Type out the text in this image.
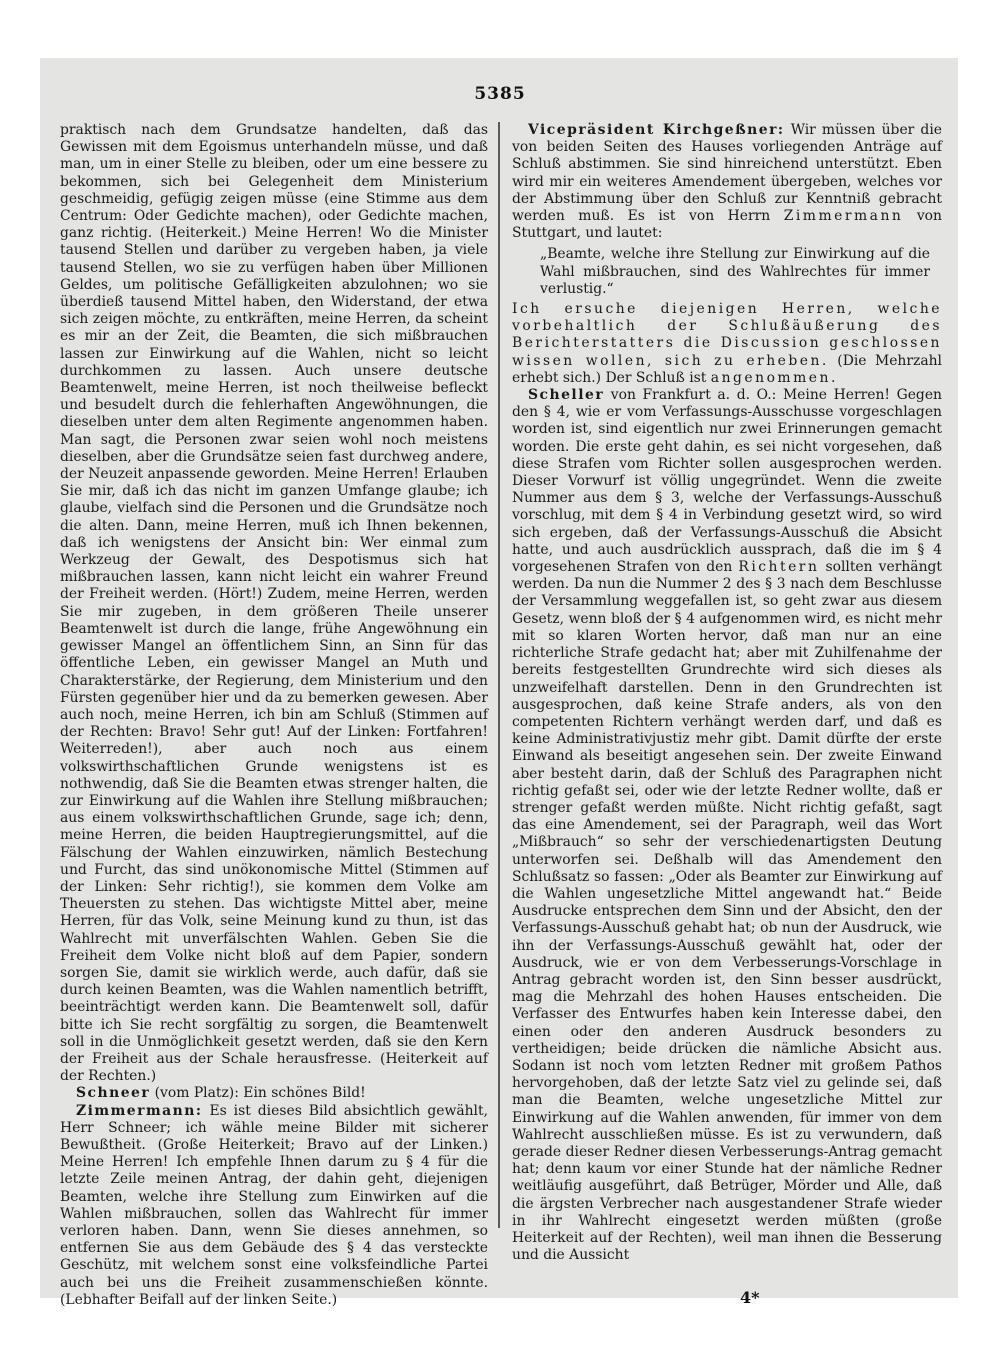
5385

praktisch nach dem Grundsatze handelten, daß das Gewissen mit dem Egoismus unterhandeln müsse, und daß man, um in einer Stelle zu bleiben, oder um eine bessere zu bekommen, sich bei Gelegenheit dem Ministerium geschmeidig, gefügig zeigen müsse (eine Stimme aus dem Centrum: Oder Gedichte machen), oder Gedichte machen, ganz richtig. (Heiterkeit.) Meine Herren! Wo die Minister tausend Stellen und darüber zu vergeben haben, ja viele tausend Stellen, wo sie zu verfügen haben über Millionen Geldes, um politische Gefälligkeiten abzulohnen; wo sie überdieß tausend Mittel haben, den Widerstand, der etwa sich zeigen möchte, zu entkräften, meine Herren, da scheint es mir an der Zeit, die Beamten, die sich mißbrauchen lassen zur Einwirkung auf die Wahlen, nicht so leicht durchkommen zu lassen. Auch unsere deutsche Beamtenwelt, meine Herren, ist noch theilweise befleckt und besudelt durch die fehlerhaften Angewöhnungen, die dieselben unter dem alten Regimente angenommen haben. Man sagt, die Personen zwar seien wohl noch meistens dieselben, aber die Grundsätze seien fast durchweg andere, der Neuzeit anpassende geworden. Meine Herren! Erlauben Sie mir, daß ich das nicht im ganzen Umfange glaube; ich glaube, vielfach sind die Personen und die Grundsätze noch die alten. Dann, meine Herren, muß ich Ihnen bekennen, daß ich wenigstens der Ansicht bin: Wer einmal zum Werkzeug der Gewalt, des Despotismus sich hat mißbrauchen lassen, kann nicht leicht ein wahrer Freund der Freiheit werden. (Hört!) Zudem, meine Herren, werden Sie mir zugeben, in dem größeren Theile unserer Beamtenwelt ist durch die lange, frühe Angewöhnung ein gewisser Mangel an öffentlichem Sinn, an Sinn für das öffentliche Leben, ein gewisser Mangel an Muth und Charakterstärke, der Regierung, dem Ministerium und den Fürsten gegenüber hier und da zu bemerken gewesen. Aber auch noch, meine Herren, ich bin am Schluß (Stimmen auf der Rechten: Bravo! Sehr gut! Auf der Linken: Fortfahren! Weiterreden!), aber auch noch aus einem volkswirthschaftlichen Grunde wenigstens ist es nothwendig, daß Sie die Beamten etwas strenger halten, die zur Einwirkung auf die Wahlen ihre Stellung mißbrauchen; aus einem volkswirthschaftlichen Grunde, sage ich; denn, meine Herren, die beiden Hauptregierungsmittel, auf die Fälschung der Wahlen einzuwirken, nämlich Bestechung und Furcht, das sind unökonomische Mittel (Stimmen auf der Linken: Sehr richtig!), sie kommen dem Volke am Theuersten zu stehen. Das wichtigste Mittel aber, meine Herren, für das Volk, seine Meinung kund zu thun, ist das Wahlrecht mit unverfälschten Wahlen. Geben Sie die Freiheit dem Volke nicht bloß auf dem Papier, sondern sorgen Sie, damit sie wirklich werde, auch dafür, daß sie durch keinen Beamten, was die Wahlen namentlich betrifft, beeinträchtigt werden kann. Die Beamtenwelt soll, dafür bitte ich Sie recht sorgfältig zu sorgen, die Beamtenwelt soll in die Unmöglichkeit gesetzt werden, daß sie den Kern der Freiheit aus der Schale herausfresse. (Heiterkeit auf der Rechten.)

Schneer (vom Platz): Ein schönes Bild!

Zimmermann: Es ist dieses Bild absichtlich gewählt, Herr Schneer; ich wähle meine Bilder mit sicherer Bewußtheit. (Große Heiterkeit; Bravo auf der Linken.) Meine Herren! Ich empfehle Ihnen darum zu § 4 für die letzte Zeile meinen Antrag, der dahin geht, diejenigen Beamten, welche ihre Stellung zum Einwirken auf die Wahlen mißbrauchen, sollen das Wahlrecht für immer verloren haben. Dann, wenn Sie dieses annehmen, so entfernen Sie aus dem Gebäude des § 4 das versteckte Geschütz, mit welchem sonst eine volksfeindliche Partei auch bei uns die Freiheit zusammenschießen könnte. (Lebhafter Beifall auf der linken Seite.)

Vicepräsident Kirchgeßner: Wir müssen über die von beiden Seiten des Hauses vorliegenden Anträge auf Schluß abstimmen. Sie sind hinreichend unterstützt. Eben wird mir ein weiteres Amendement übergeben, welches vor der Abstimmung über den Schluß zur Kenntniß gebracht werden muß. Es ist von Herrn Zimmermann von Stuttgart, und lautet:

„Beamte, welche ihre Stellung zur Einwirkung auf die Wahl mißbrauchen, sind des Wahlrechtes für immer verlustig.“

Ich ersuche diejenigen Herren, welche vorbehaltlich der Schlußäußerung des Berichterstatters die Discussion geschlossen wissen wollen, sich zu erheben. (Die Mehrzahl erhebt sich.) Der Schluß ist angenommen.

Scheller von Frankfurt a. d. O.: Meine Herren! Gegen den § 4, wie er vom Verfassungs-Ausschusse vorgeschlagen worden ist, sind eigentlich nur zwei Erinnerungen gemacht worden. Die erste geht dahin, es sei nicht vorgesehen, daß diese Strafen vom Richter sollen ausgesprochen werden. Dieser Vorwurf ist völlig ungegründet. Wenn die zweite Nummer aus dem § 3, welche der Verfassungs-Ausschuß vorschlug, mit dem § 4 in Verbindung gesetzt wird, so wird sich ergeben, daß der Verfassungs-Ausschuß die Absicht hatte, und auch ausdrücklich aussprach, daß die im § 4 vorgesehenen Strafen von den Richtern sollten verhängt werden. Da nun die Nummer 2 des § 3 nach dem Beschlusse der Versammlung weggefallen ist, so geht zwar aus diesem Gesetz, wenn bloß der § 4 aufgenommen wird, es nicht mehr mit so klaren Worten hervor, daß man nur an eine richterliche Strafe gedacht hat; aber mit Zuhilfenahme der bereits festgestellten Grundrechte wird sich dieses als unzweifelhaft darstellen. Denn in den Grundrechten ist ausgesprochen, daß keine Strafe anders, als von den competenten Richtern verhängt werden darf, und daß es keine Administrativjustiz mehr gibt. Damit dürfte der erste Einwand als beseitigt angesehen sein. Der zweite Einwand aber besteht darin, daß der Schluß des Paragraphen nicht richtig gefaßt sei, oder wie der letzte Redner wollte, daß er strenger gefaßt werden müßte. Nicht richtig gefaßt, sagt das eine Amendement, sei der Paragraph, weil das Wort „Mißbrauch“ so sehr der verschiedenartigsten Deutung unterworfen sei. Deßhalb will das Amendement den Schlußsatz so fassen: „Oder als Beamter zur Einwirkung auf die Wahlen ungesetzliche Mittel angewandt hat.“ Beide Ausdrucke entsprechen dem Sinn und der Absicht, den der Verfassungs-Ausschuß gehabt hat; ob nun der Ausdruck, wie ihn der Verfassungs-Ausschuß gewählt hat, oder der Ausdruck, wie er von dem Verbesserungs-Vorschlage in Antrag gebracht worden ist, den Sinn besser ausdrückt, mag die Mehrzahl des hohen Hauses entscheiden. Die Verfasser des Entwurfes haben kein Interesse dabei, den einen oder den anderen Ausdruck besonders zu vertheidigen; beide drücken die nämliche Absicht aus. Sodann ist noch vom letzten Redner mit großem Pathos hervorgehoben, daß der letzte Satz viel zu gelinde sei, daß man die Beamten, welche ungesetzliche Mittel zur Einwirkung auf die Wahlen anwenden, für immer von dem Wahlrecht ausschließen müsse. Es ist zu verwundern, daß gerade dieser Redner diesen Verbesserungs-Antrag gemacht hat; denn kaum vor einer Stunde hat der nämliche Redner weitläufig ausgeführt, daß Betrüger, Mörder und Alle, daß die ärgsten Verbrecher nach ausgestandener Strafe wieder in ihr Wahlrecht eingesetzt werden müßten (große Heiterkeit auf der Rechten), weil man ihnen die Besserung und die Aussicht

4*
